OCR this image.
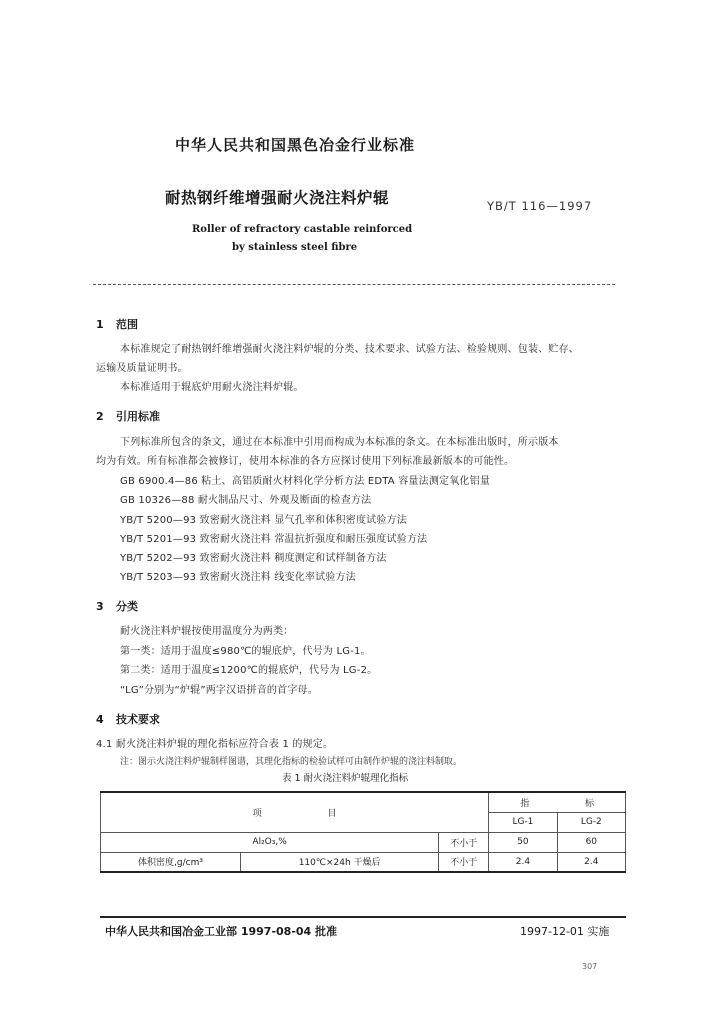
中华人民共和国黑色冶金行业标准
耐热钢纤维增强耐火浇注料炉辊	YB/T 116—1997
Roller of refractory castable reinforced
by stainless steel fibre
1 范围
本标准规定了耐热钢纤维增强耐火浇注料炉辊的分类、技术要求、试验方法、检验规则、包装、贮存、
运输及质量证明书。
本标准适用于辊底炉用耐火浇注料炉辊。
2 引用标准
下列标准所包含的条文，通过在本标准中引用而构成为本标准的条文。在本标准出版时，所示版本
均为有效。所有标准都会被修订，使用本标准的各方应探讨使用下列标准最新版本的可能性。
GB 6900.4—86 粘土、高铝质耐火材料化学分析方法 EDTA 容量法测定氧化铝量
GB 10326—88 耐火制品尺寸、外观及断面的检查方法
YB/T 5200—93 致密耐火浇注料 显气孔率和体积密度试验方法
YB/T 5201—93 致密耐火浇注料 常温抗折强度和耐压强度试验方法
YB/T 5202—93 致密耐火浇注料 稠度测定和试样制备方法
YB/T 5203—93 致密耐火浇注料 线变化率试验方法
3 分类
耐火浇注料炉辊按使用温度分为两类：
第一类：适用于温度≤980℃的辊底炉，代号为 LG-1。
第二类：适用于温度≤1200℃的辊底炉，代号为 LG-2。
“LG”分别为“炉辊”两字汉语拼音的首字母。
4 技术要求
4.1 耐火浇注料炉辊的理化指标应符合表 1 的规定。
注：图示火浇注料炉辊制样图谱，其理化指标的检验试样可由制作炉辊的浇注料制取。
表 1 耐火浇注料炉辊理化指标
项 目			指 标	
			LG-1	LG-2
Al₂O₃,%		不小于	50	60
体积密度,g/cm³	110℃×24h 干燥后	不小于	2.4	2.4
中华人民共和国冶金工业部 1997-08-04 批准	1997-12-01 实施
307
